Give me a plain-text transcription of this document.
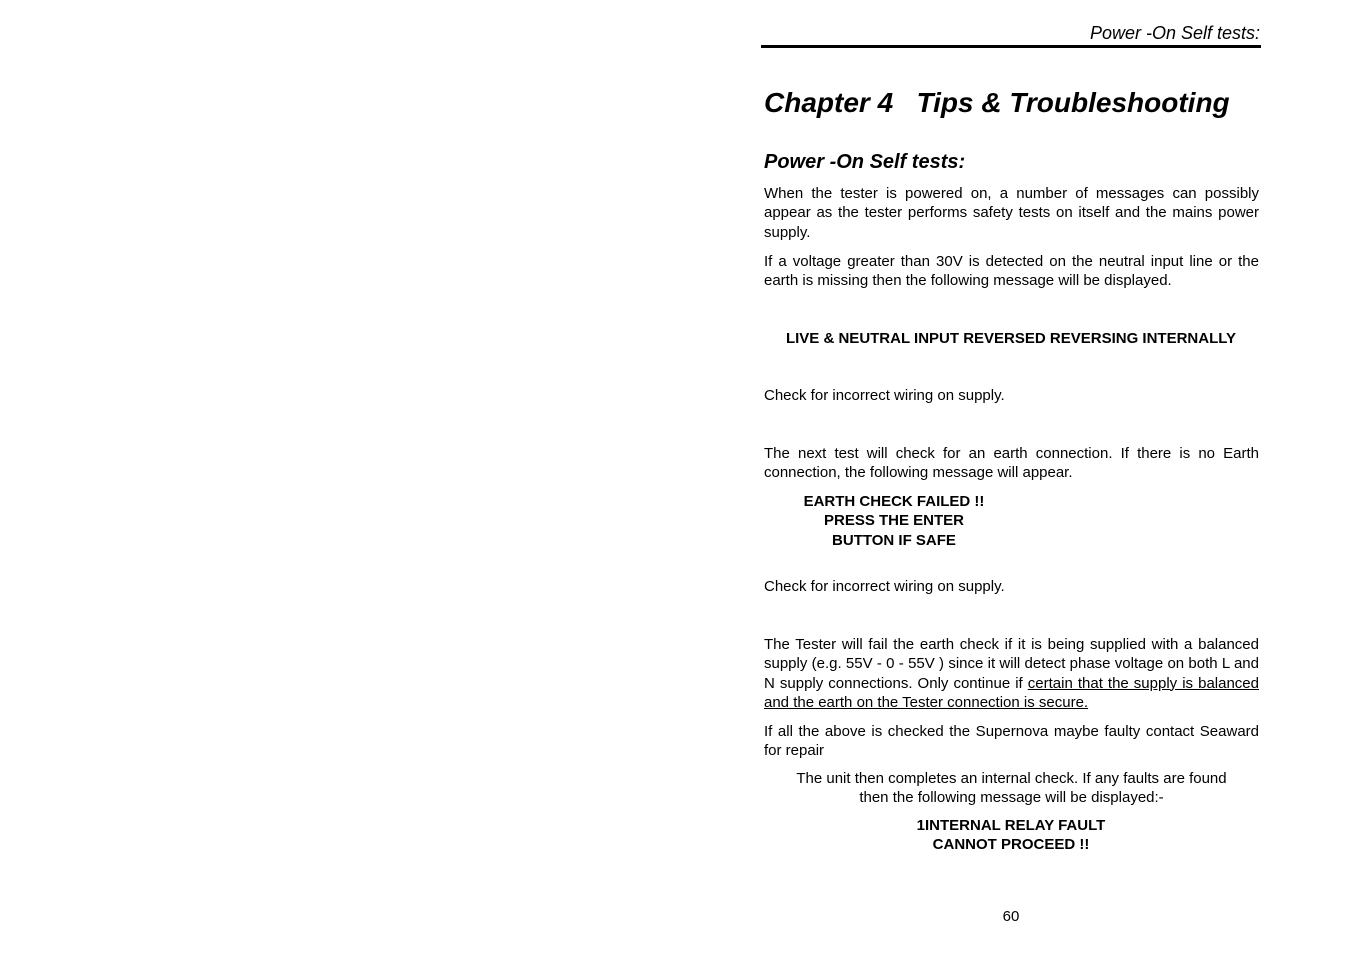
Power -On Self tests:
Chapter 4   Tips & Troubleshooting
Power -On Self tests:

When the tester is powered on, a number of messages can possibly appear as the tester performs safety tests on itself and the mains power supply.

If a voltage greater than 30V is detected on the neutral input line or the earth is missing then the following message will be displayed.

LIVE & NEUTRAL INPUT REVERSED REVERSING INTERNALLY

Check for incorrect wiring on supply.

The next test will check for an earth connection. If there is no Earth connection, the following message will appear.

EARTH CHECK FAILED !!
PRESS THE ENTER
BUTTON IF SAFE

Check for incorrect wiring on supply.

The Tester will fail the earth check if it is being supplied with a balanced supply (e.g. 55V - 0 - 55V ) since it will detect phase voltage on both L and N supply connections. Only continue if certain that the supply is balanced and the earth on the Tester connection is secure.

If all the above is checked the Supernova maybe faulty contact Seaward for repair

The unit then completes an internal check. If any faults are found
then the following message will be displayed:-
1INTERNAL RELAY FAULT
CANNOT PROCEED !!
60
